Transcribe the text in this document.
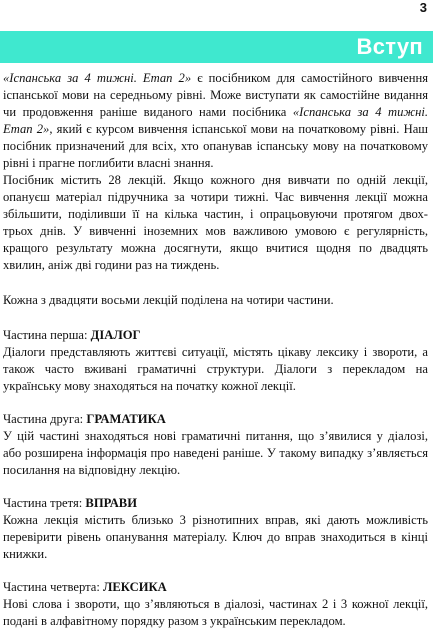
3
Вступ

«Іспанська за 4 тижні. Етап 2» є посібником для самостійного вивчення іспанської мови на середньому рівні. Може виступати як самостійне видання чи продовження раніше виданого нами посібника «Іспанська за 4 тижні. Етап 2», який є курсом вивчення іспанської мови на початковому рівні. Наш посібник призначений для всіх, хто опанував іспанську мову на початковому рівні і прагне поглибити власні знання.

Посібник містить 28 лекцій. Якщо кожного дня вивчати по одній лекції, опануєш матеріал підручника за чотири тижні. Час вивчення лекції можна збільшити, поділивши її на кілька частин, і опрацьовуючи протягом двох-трьох днів. У вивченні іноземних мов важливою умовою є регулярність, кращого результату можна досягнути, якщо вчитися щодня по двадцять хвилин, аніж дві години раз на тиждень.

Кожна з двадцяти восьми лекцій поділена на чотири частини.

Частина перша: ДІАЛОГ

Діалоги представляють життєві ситуації, містять цікаву лексику і звороти, а також часто вживані граматичні структури. Діалоги з перекладом на українську мову знаходяться на початку кожної лекції.

Частина друга: ГРАМАТИКА

У цій частині знаходяться нові граматичні питання, що з’явилися у діалозі, або розширена інформація про наведені раніше. У такому випадку з’являється посилання на відповідну лекцію.

Частина третя: ВПРАВИ

Кожна лекція містить близько 3 різнотипних вправ, які дають можливість перевірити рівень опанування матеріалу. Ключ до вправ знаходиться в кінці книжки.

Частина четверта: ЛЕКСИКА

Нові слова і звороти, що з’являються в діалозі, частинах 2 і 3 кожної лекції, подані в алфавітному порядку разом з українським перекладом.
